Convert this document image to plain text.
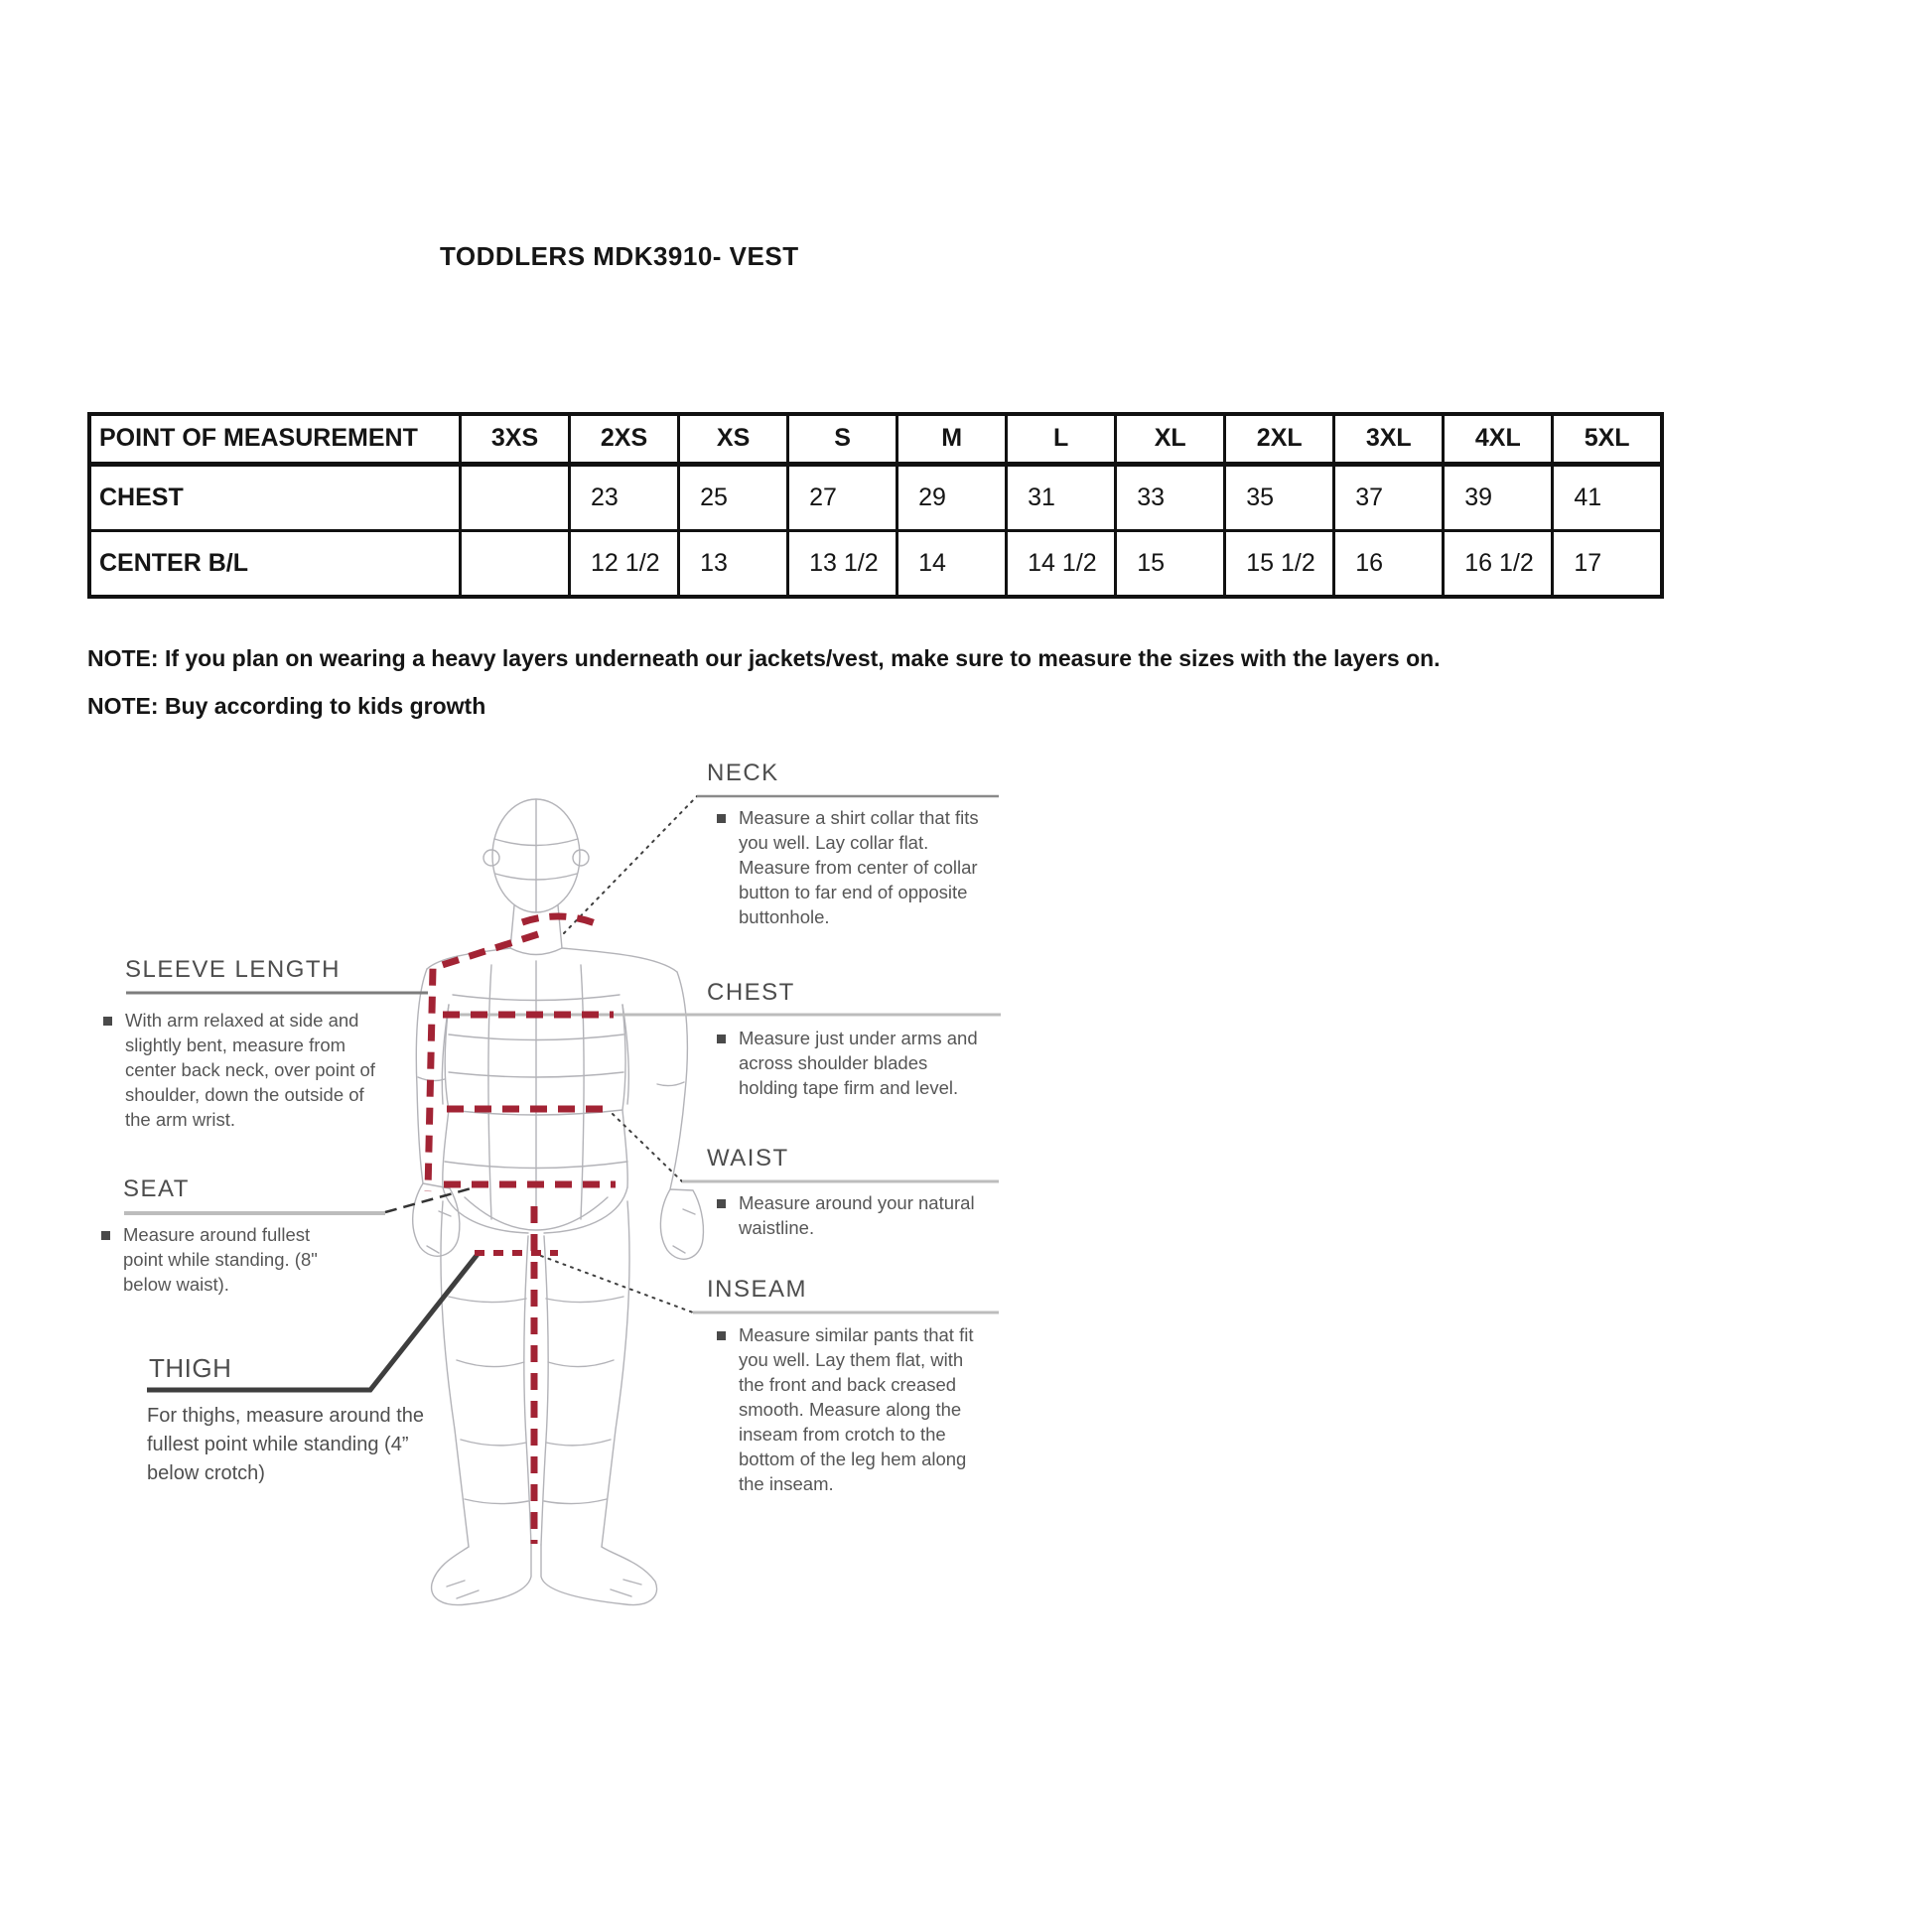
TODDLERS MDK3910- VEST
POINT OF MEASUREMENT	3XS	2XS	XS	S	M	L	XL	2XL	3XL	4XL	5XL
CHEST		23	25	27	29	31	33	35	37	39	41
CENTER B/L		12 1/2	13	13 1/2	14	14 1/2	15	15 1/2	16	16 1/2	17
NOTE: If you plan on wearing a heavy layers underneath our jackets/vest, make sure to measure the sizes with the layers on.
NOTE: Buy according to kids growth
NECK

Measure a shirt collar that fits you well. Lay collar flat. Measure from center of collar button to far end of opposite buttonhole.

CHEST

Measure just under arms and across shoulder blades holding tape firm and level.

WAIST

Measure around your natural waistline.

INSEAM

Measure similar pants that fit you well. Lay them flat, with the front and back creased smooth. Measure along the inseam from crotch to the bottom of the leg hem along the inseam.

SLEEVE LENGTH

With arm relaxed at side and slightly bent, measure from center back neck, over point of shoulder, down the outside of the arm wrist.

SEAT

Measure around fullest point while standing. (8" below waist).

THIGH
For thighs, measure around the fullest point while standing (4” below crotch)
